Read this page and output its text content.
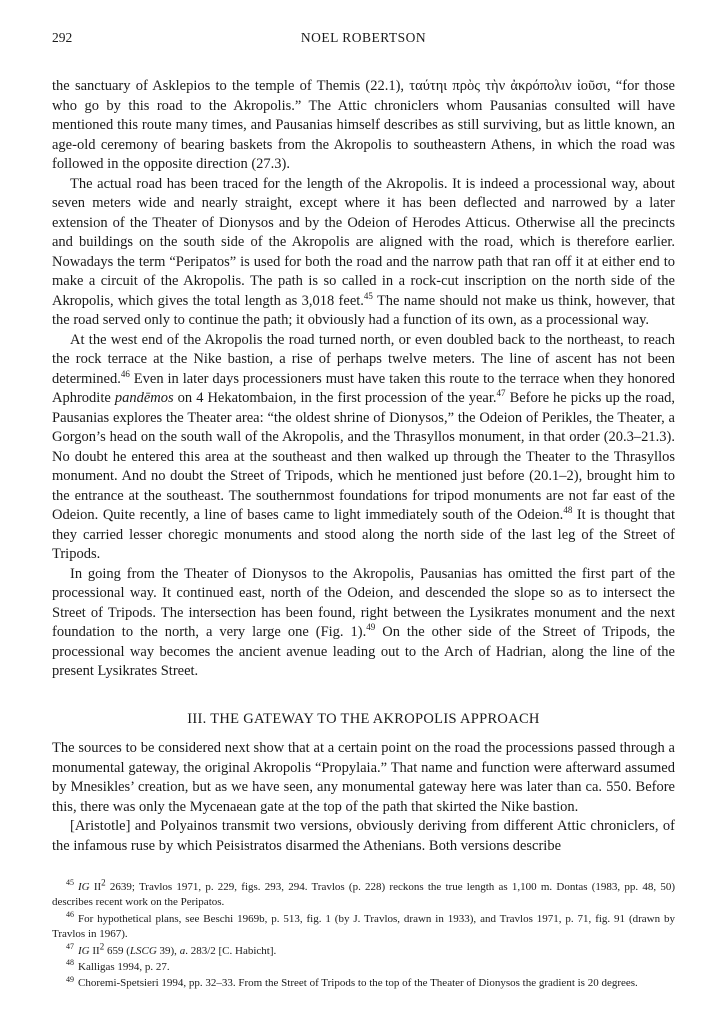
292	NOEL ROBERTSON

the sanctuary of Asklepios to the temple of Themis (22.1), ταύτηι πρὸς τὴν ἀκρόπολιν ἰοῦσι, “for those who go by this road to the Akropolis.” The Attic chroniclers whom Pausanias consulted will have mentioned this route many times, and Pausanias himself describes as still surviving, but as little known, an age-old ceremony of bearing baskets from the Akropolis to southeastern Athens, in which the road was followed in the opposite direction (27.3).

The actual road has been traced for the length of the Akropolis. It is indeed a processional way, about seven meters wide and nearly straight, except where it has been deflected and narrowed by a later extension of the Theater of Dionysos and by the Odeion of Herodes Atticus. Otherwise all the precincts and buildings on the south side of the Akropolis are aligned with the road, which is therefore earlier. Nowadays the term “Peripatos” is used for both the road and the narrow path that ran off it at either end to make a circuit of the Akropolis. The path is so called in a rock-cut inscription on the north side of the Akropolis, which gives the total length as 3,018 feet.$^{45}$ The name should not make us think, however, that the road served only to continue the path; it obviously had a function of its own, as a processional way.

At the west end of the Akropolis the road turned north, or even doubled back to the northeast, to reach the rock terrace at the Nike bastion, a rise of perhaps twelve meters. The line of ascent has not been determined.$^{46}$ Even in later days processioners must have taken this route to the terrace when they honored Aphrodite pandēmos on 4 Hekatombaion, in the first procession of the year.$^{47}$ Before he picks up the road, Pausanias explores the Theater area: “the oldest shrine of Dionysos,” the Odeion of Perikles, the Theater, a Gorgon’s head on the south wall of the Akropolis, and the Thrasyllos monument, in that order (20.3–21.3). No doubt he entered this area at the southeast and then walked up through the Theater to the Thrasyllos monument. And no doubt the Street of Tripods, which he mentioned just before (20.1–2), brought him to the entrance at the southeast. The southernmost foundations for tripod monuments are not far east of the Odeion. Quite recently, a line of bases came to light immediately south of the Odeion.$^{48}$ It is thought that they carried lesser choregic monuments and stood along the north side of the last leg of the Street of Tripods.

In going from the Theater of Dionysos to the Akropolis, Pausanias has omitted the first part of the processional way. It continued east, north of the Odeion, and descended the slope so as to intersect the Street of Tripods. The intersection has been found, right between the Lysikrates monument and the next foundation to the north, a very large one (Fig. 1).$^{49}$ On the other side of the Street of Tripods, the processional way becomes the ancient avenue leading out to the Arch of Hadrian, along the line of the present Lysikrates Street.

III. THE GATEWAY TO THE AKROPOLIS APPROACH

The sources to be considered next show that at a certain point on the road the processions passed through a monumental gateway, the original Akropolis “Propylaia.” That name and function were afterward assumed by Mnesikles’ creation, but as we have seen, any monumental gateway here was later than ca. 550. Before this, there was only the Mycenaean gate at the top of the path that skirted the Nike bastion.

[Aristotle] and Polyainos transmit two versions, obviously deriving from different Attic chroniclers, of the infamous ruse by which Peisistratos disarmed the Athenians. Both versions describe

$^{45}$ IG $II^2$ 2639; Travlos 1971, p. 229, figs. 293, 294. Travlos (p. 228) reckons the true length as 1,100 m. Dontas (1983, pp. 48, 50) describes recent work on the Peripatos.

$^{46}$ For hypothetical plans, see Beschi 1969b, p. 513, fig. 1 (by J. Travlos, drawn in 1933), and Travlos 1971, p. 71, fig. 91 (drawn by Travlos in 1967).

$^{47}$ IG $II^2$ 659 (LSCG 39), a. 283/2 [C. Habicht].

$^{48}$ Kalligas 1994, p. 27.

$^{49}$ Choremi-Spetsieri 1994, pp. 32–33. From the Street of Tripods to the top of the Theater of Dionysos the gradient is 20 degrees.
